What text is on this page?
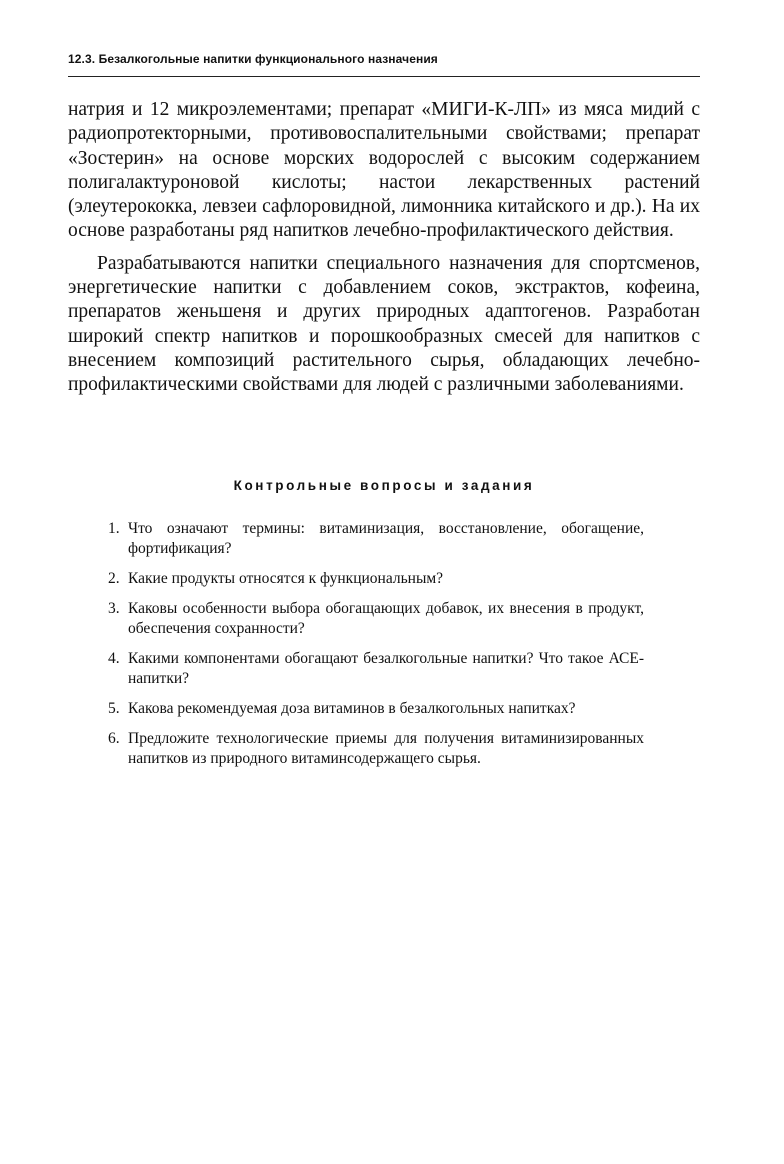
12.3. Безалкогольные напитки функционального назначения

натрия и 12 микроэлементами; препарат «МИГИ-К-ЛП» из мяса мидий с радиопротекторными, противовоспалительными свойствами; препарат «Зостерин» на основе морских водорослей с высоким содержанием полигалактуроновой кислоты; настои лекарственных растений (элеутерококка, левзеи сафлоровидной, лимонника китайского и др.). На их основе разработаны ряд напитков лечебно-профилактического действия.

Разрабатываются напитки специального назначения для спортсменов, энергетические напитки с добавлением соков, экстрактов, кофеина, препаратов женьшеня и других природных адаптогенов. Разработан широкий спектр напитков и порошкообразных смесей для напитков с внесением композиций растительного сырья, обладающих лечебно-профилактическими свойствами для людей с различными заболеваниями.

Контрольные вопросы и задания
1. Что означают термины: витаминизация, восстановление, обогащение, фортификация?
2. Какие продукты относятся к функциональным?
3. Каковы особенности выбора обогащающих добавок, их внесения в продукт, обеспечения сохранности?
4. Какими компонентами обогащают безалкогольные напитки? Что такое АСЕ-напитки?
5. Какова рекомендуемая доза витаминов в безалкогольных напитках?
6. Предложите технологические приемы для получения витаминизированных напитков из природного витаминсодержащего сырья.
